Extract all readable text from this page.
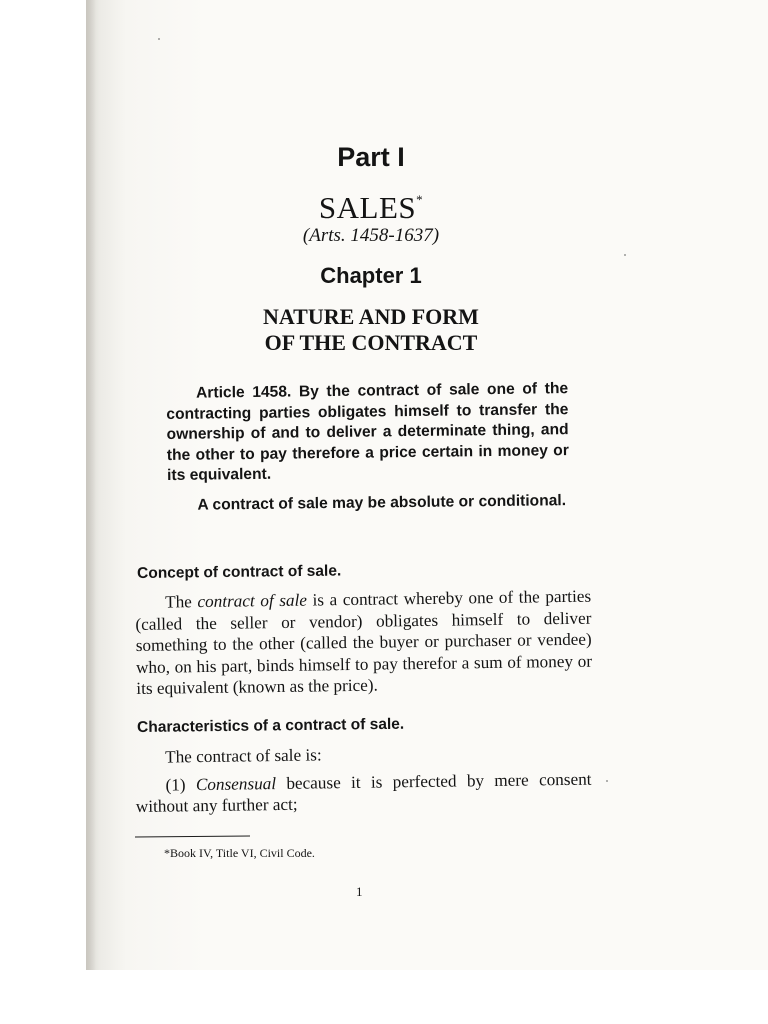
Part I
SALES*
(Arts. 1458-1637)
Chapter 1
NATURE AND FORM
OF THE CONTRACT

Article 1458. By the contract of sale one of the contracting parties obligates himself to transfer the ownership of and to deliver a determinate thing, and the other to pay therefore a price certain in money or its equivalent.

A contract of sale may be absolute or conditional.

Concept of contract of sale.

The contract of sale is a contract whereby one of the parties (called the seller or vendor) obligates himself to deliver something to the other (called the buyer or purchaser or vendee) who, on his part, binds himself to pay therefor a sum of money or its equivalent (known as the price).

Characteristics of a contract of sale.

The contract of sale is:

(1) Consensual because it is perfected by mere consent without any further act;

*Book IV, Title VI, Civil Code.
1
